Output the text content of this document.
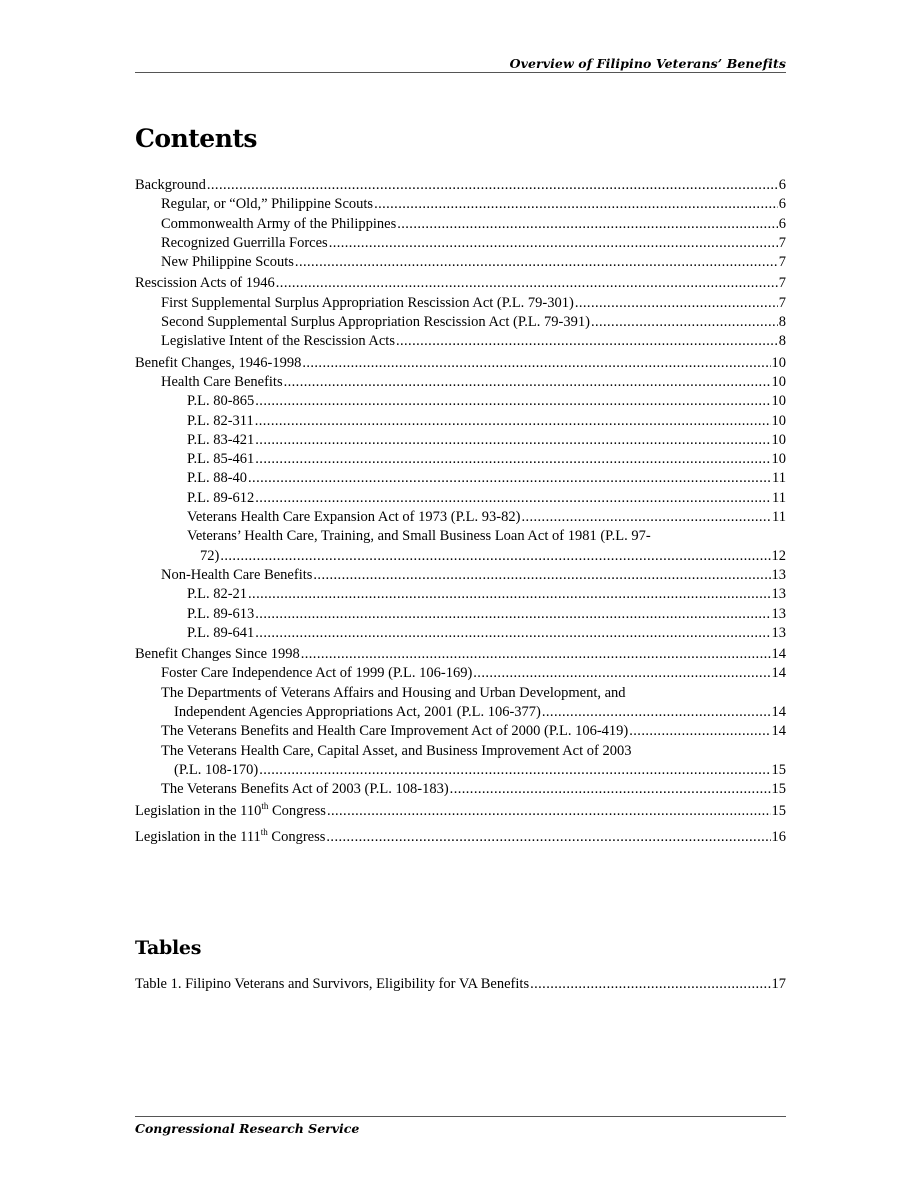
Overview of Filipino Veterans’ Benefits
Contents
Background .....	6
Regular, or “Old,” Philippine Scouts .....	6
Commonwealth Army of the Philippines .....	6
Recognized Guerrilla Forces .....	7
New Philippine Scouts .....	7
Rescission Acts of 1946 .....	7
First Supplemental Surplus Appropriation Rescission Act (P.L. 79-301) .....	7
Second Supplemental Surplus Appropriation Rescission Act (P.L. 79-391) .....	8
Legislative Intent of the Rescission Acts .....	8
Benefit Changes, 1946-1998 .....	10
Health Care Benefits .....	10
P.L. 80-865 .....	10
P.L. 82-311 .....	10
P.L. 83-421 .....	10
P.L. 85-461 .....	10
P.L. 88-40 .....	11
P.L. 89-612 .....	11
Veterans Health Care Expansion Act of 1973 (P.L. 93-82) .....	11
Veterans’ Health Care, Training, and Small Business Loan Act of 1981 (P.L. 97-
72) .....	12
Non-Health Care Benefits .....	13
P.L. 82-21 .....	13
P.L. 89-613 .....	13
P.L. 89-641 .....	13
Benefit Changes Since 1998 .....	14
Foster Care Independence Act of 1999 (P.L. 106-169) .....	14
The Departments of Veterans Affairs and Housing and Urban Development, and
Independent Agencies Appropriations Act, 2001 (P.L. 106-377) .....	14
The Veterans Benefits and Health Care Improvement Act of 2000 (P.L. 106-419) .....	14
The Veterans Health Care, Capital Asset, and Business Improvement Act of 2003
(P.L. 108-170) .....	15
The Veterans Benefits Act of 2003 (P.L. 108-183) .....	15
Legislation in the 110th Congress .....	15
Legislation in the 111th Congress .....	16
Tables
Table 1. Filipino Veterans and Survivors, Eligibility for VA Benefits .....	17
Congressional Research Service
